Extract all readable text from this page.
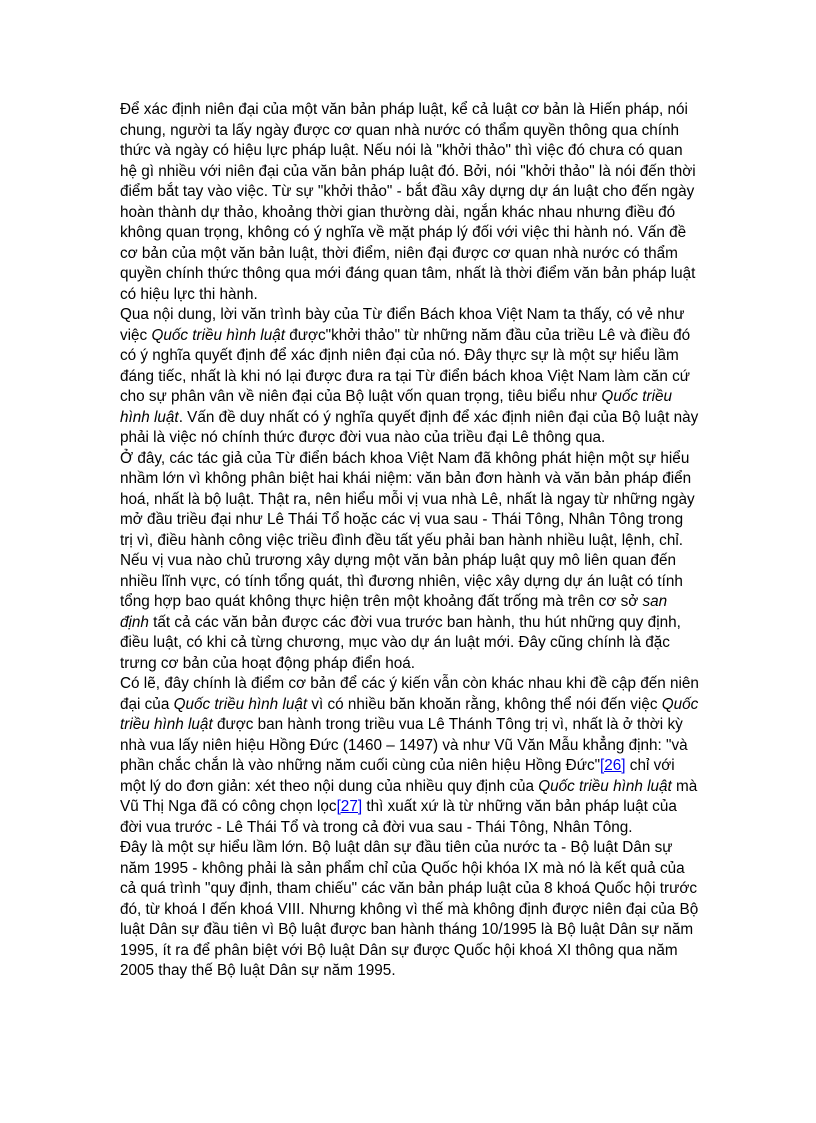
Để xác định niên đại của một văn bản pháp luật, kể cả luật cơ bản là Hiến pháp, nói chung, người ta lấy ngày được cơ quan nhà nước có thẩm quyền thông qua chính thức và ngày có hiệu lực pháp luật. Nếu nói là "khởi thảo" thì việc đó chưa có quan hệ gì nhiều với niên đại của văn bản pháp luật đó. Bởi, nói "khởi thảo" là nói đến thời điểm bắt tay vào việc. Từ sự "khởi thảo" - bắt đầu xây dựng dự án luật cho đến ngày hoàn thành dự thảo, khoảng thời gian thường dài, ngắn khác nhau nhưng điều đó không quan trọng, không có ý nghĩa về mặt pháp lý đối với việc thi hành nó. Vấn đề cơ bản của một văn bản luật, thời điểm, niên đại được cơ quan nhà nước có thẩm quyền chính thức thông qua mới đáng quan tâm, nhất là thời điểm văn bản pháp luật có hiệu lực thi hành.

Qua nội dung, lời văn trình bày của Từ điển Bách khoa Việt Nam ta thấy, có vẻ như việc Quốc triều hình luật được"khởi thảo" từ những năm đầu của triều Lê và điều đó có ý nghĩa quyết định để xác định niên đại của nó. Đây thực sự là một sự hiểu lầm đáng tiếc, nhất là khi nó lại được đưa ra tại Từ điển bách khoa Việt Nam làm căn cứ cho sự phân vân về niên đại của Bộ luật vốn quan trọng, tiêu biểu như Quốc triều hình luật. Vấn đề duy nhất có ý nghĩa quyết định để xác định niên đại của Bộ luật này phải là việc nó chính thức được đời vua nào của triều đại Lê thông qua.

Ở đây, các tác giả của Từ điển bách khoa Việt Nam đã không phát hiện một sự hiểu nhầm lớn vì không phân biệt hai khái niệm: văn bản đơn hành và văn bản pháp điển hoá, nhất là bộ luật. Thật ra, nên hiểu mỗi vị vua nhà Lê, nhất là ngay từ những ngày mở đầu triều đại như Lê Thái Tổ hoặc các vị vua sau - Thái Tông, Nhân Tông trong trị vì, điều hành công việc triều đình đều tất yếu phải ban hành nhiều luật, lệnh, chỉ. Nếu vị vua nào chủ trương xây dựng một văn bản pháp luật quy mô liên quan đến nhiều lĩnh vực, có tính tổng quát, thì đương nhiên, việc xây dựng dự án luật có tính tổng hợp bao quát không thực hiện trên một khoảng đất trống mà trên cơ sở san định tất cả các văn bản được các đời vua trước ban hành, thu hút những quy định, điều luật, có khi cả từng chương, mục vào dự án luật mới. Đây cũng chính là đặc trưng cơ bản của hoạt động pháp điển hoá.

Có lẽ, đây chính là điểm cơ bản để các ý kiến vẫn còn khác nhau khi đề cập đến niên đại của Quốc triều hình luật vì có nhiều băn khoăn rằng, không thể nói đến việc Quốc triều hình luật được ban hành trong triều vua Lê Thánh Tông trị vì, nhất là ở thời kỳ nhà vua lấy niên hiệu Hồng Đức (1460 – 1497) và như Vũ Văn Mẫu khẳng định: "và phần chắc chắn là vào những năm cuối cùng của niên hiệu Hồng Đức"[26] chỉ với một lý do đơn giản: xét theo nội dung của nhiều quy định của Quốc triều hình luật mà Vũ Thị Nga đã có công chọn lọc[27] thì xuất xứ là từ những văn bản pháp luật của đời vua trước - Lê Thái Tổ và trong cả đời vua sau - Thái Tông, Nhân Tông.

Đây là một sự hiểu lầm lớn. Bộ luật dân sự đầu tiên của nước ta - Bộ luật Dân sự năm 1995 - không phải là sản phẩm chỉ của Quốc hội khóa IX mà nó là kết quả của cả quá trình "quy định, tham chiếu" các văn bản pháp luật của 8 khoá Quốc hội trước đó, từ khoá I đến khoá VIII. Nhưng không vì thế mà không định được niên đại của Bộ luật Dân sự đầu tiên vì Bộ luật được ban hành tháng 10/1995 là Bộ luật Dân sự năm 1995, ít ra để phân biệt với Bộ luật Dân sự được Quốc hội khoá XI thông qua năm 2005 thay thế Bộ luật Dân sự năm 1995.
